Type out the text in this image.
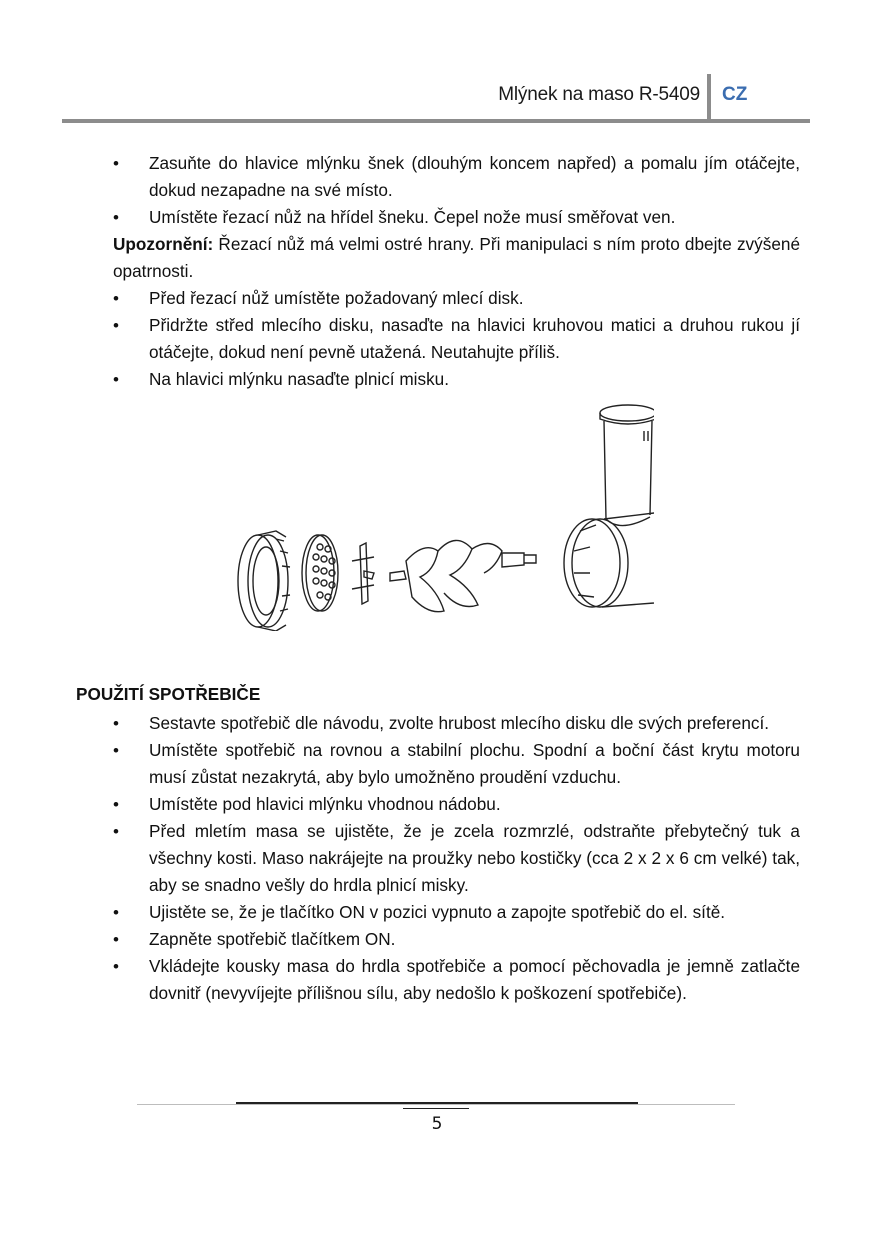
Mlýnek na maso R-5409 CZ
• Zasuňte do hlavice mlýnku šnek (dlouhým koncem napřed) a pomalu jím otáčejte, dokud nezapadne na své místo.
• Umístěte řezací nůž na hřídel šneku. Čepel nože musí směřovat ven.
Upozornění: Řezací nůž má velmi ostré hrany. Při manipulaci s ním proto dbejte zvýšené opatrnosti.
• Před řezací nůž umístěte požadovaný mlecí disk.
• Přidržte střed mlecího disku, nasaďte na hlavici kruhovou matici a druhou rukou jí otáčejte, dokud není pevně utažená. Neutahujte příliš.
• Na hlavici mlýnku nasaďte plnicí misku.
POUŽITÍ SPOTŘEBIČE
• Sestavte spotřebič dle návodu, zvolte hrubost mlecího disku dle svých preferencí.
• Umístěte spotřebič na rovnou a stabilní plochu. Spodní a boční část krytu motoru musí zůstat nezakrytá, aby bylo umožněno proudění vzduchu.
• Umístěte pod hlavici mlýnku vhodnou nádobu.
• Před mletím masa se ujistěte, že je zcela rozmrzlé, odstraňte přebytečný tuk a všechny kosti. Maso nakrájejte na proužky nebo kostičky (cca 2 x 2 x 6 cm velké) tak, aby se snadno vešly do hrdla plnicí misky.
• Ujistěte se, že je tlačítko ON v pozici vypnuto a zapojte spotřebič do el. sítě.
• Zapněte spotřebič tlačítkem ON.
• Vkládejte kousky masa do hrdla spotřebiče a pomocí pěchovadla je jemně zatlačte dovnitř (nevyvíjejte přílišnou sílu, aby nedošlo k poškození spotřebiče).
5
